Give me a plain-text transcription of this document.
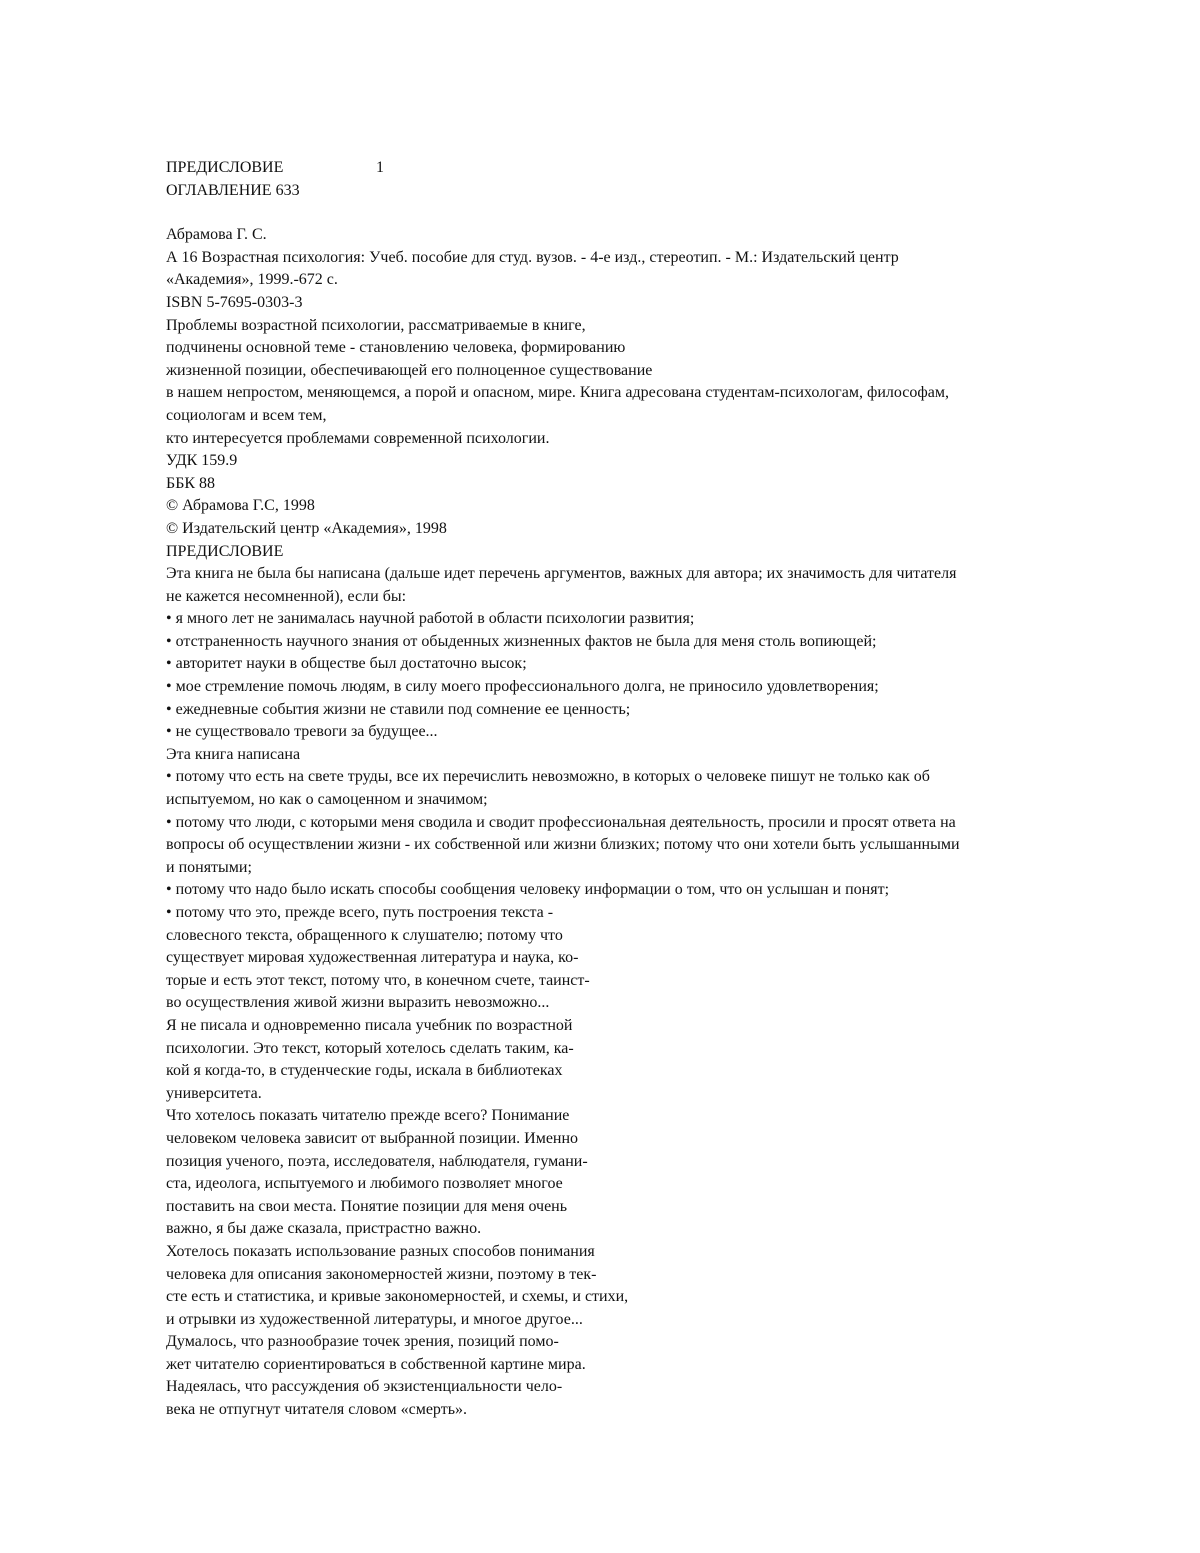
ПРЕДИСЛОВИЕ	1
ОГЛАВЛЕНИЕ 633
Абрамова Г. С.
А 16 Возрастная психология: Учеб. пособие для студ. вузов. - 4-е изд., стереотип. - М.: Издательский центр
«Академия», 1999.-672 с.
ISBN 5-7695-0303-3
Проблемы возрастной психологии, рассматриваемые в книге,
подчинены основной теме - становлению человека, формированию
жизненной позиции, обеспечивающей его полноценное существование
в нашем непростом, меняющемся, а порой и опасном, мире. Книга адресована студентам-психологам, философам,
социологам и всем тем,
кто интересуется проблемами современной психологии.
УДК 159.9
ББК 88
© Абрамова Г.С, 1998
© Издательский центр «Академия», 1998
ПРЕДИСЛОВИЕ
Эта книга не была бы написана (дальше идет перечень аргументов, важных для автора; их значимость для читателя
не кажется несомненной), если бы:
• я много лет не занималась научной работой в области психологии развития;
• отстраненность научного знания от обыденных жизненных фактов не была для меня столь вопиющей;
• авторитет науки в обществе был достаточно высок;
• мое стремление помочь людям, в силу моего профессионального долга, не приносило удовлетворения;
• ежедневные события жизни не ставили под сомнение ее ценность;
• не существовало тревоги за будущее...
Эта книга написана
• потому что есть на свете труды, все их перечислить невозможно, в которых о человеке пишут не только как об
испытуемом, но как о самоценном и значимом;
• потому что люди, с которыми меня сводила и сводит профессиональная деятельность, просили и просят ответа на
вопросы об осуществлении жизни - их собственной или жизни близких; потому что они хотели быть услышанными
и понятыми;
• потому что надо было искать способы сообщения человеку информации о том, что он услышан и понят;
• потому что это, прежде всего, путь построения текста -
словесного текста, обращенного к слушателю; потому что
существует мировая художественная литература и наука, ко-
торые и есть этот текст, потому что, в конечном счете, таинст-
во осуществления живой жизни выразить невозможно...
Я не писала и одновременно писала учебник по возрастной
психологии. Это текст, который хотелось сделать таким, ка-
кой я когда-то, в студенческие годы, искала в библиотеках
университета.
Что хотелось показать читателю прежде всего? Понимание
человеком человека зависит от выбранной позиции. Именно
позиция ученого, поэта, исследователя, наблюдателя, гумани-
ста, идеолога, испытуемого и любимого позволяет многое
поставить на свои места. Понятие позиции для меня очень
важно, я бы даже сказала, пристрастно важно.
Хотелось показать использование разных способов понимания
человека для описания закономерностей жизни, поэтому в тек-
сте есть и статистика, и кривые закономерностей, и схемы, и стихи,
и отрывки из художественной литературы, и многое другое...
Думалось, что разнообразие точек зрения, позиций помо-
жет читателю сориентироваться в собственной картине мира.
Надеялась, что рассуждения об экзистенциальности чело-
века не отпугнут читателя словом «смерть».
